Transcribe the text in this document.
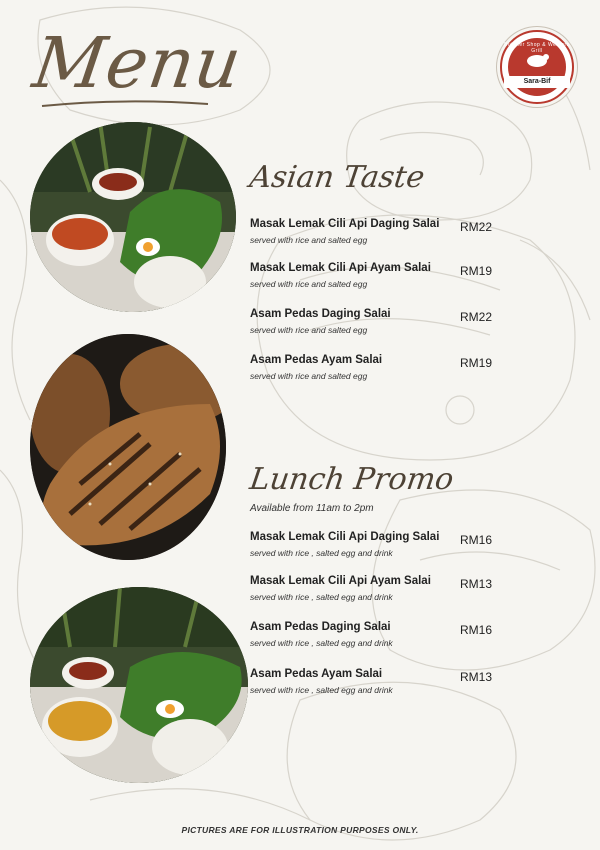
Menu	Butcher Shop & Western Grill
Sara-Bif
Asian Taste
Masak Lemak Cili Api Daging Salai
served with rice and salted egg
RM22
Masak Lemak Cili Api Ayam Salai
served with rice and salted egg
RM19
Asam Pedas Daging Salai
served with rice and salted egg
RM22
Asam Pedas Ayam Salai
served with rice and salted egg
RM19
Lunch Promo
Available from 11am to 2pm
Masak Lemak Cili Api Daging Salai
served with rice , salted egg and drink
RM16
Masak Lemak Cili Api Ayam Salai
served with rice , salted egg and drink
RM13
Asam Pedas Daging Salai
served with rice , salted egg and drink
RM16
Asam Pedas Ayam Salai
served with rice , salted egg and drink
RM13
PICTURES ARE FOR ILLUSTRATION PURPOSES ONLY.
